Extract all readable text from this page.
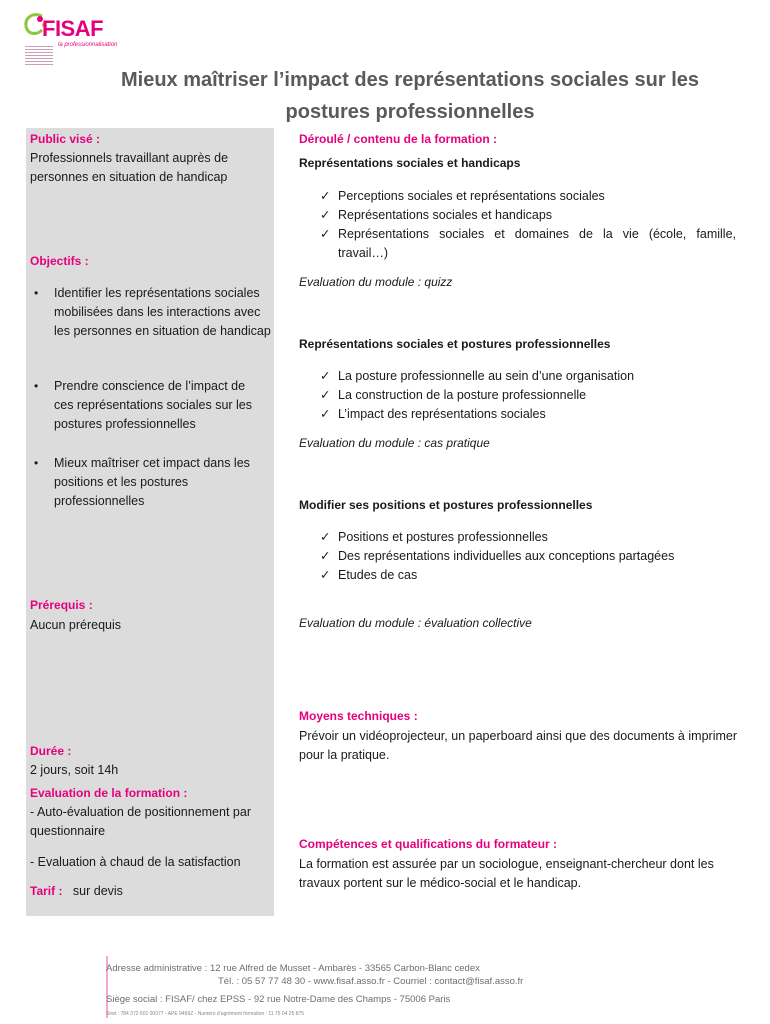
FISAF
la professionnalisation
Mieux maîtriser l’impact des représentations sociales sur les postures professionnelles
Public visé :
Professionnels travaillant auprès de personnes en situation de handicap
Objectifs :
• Identifier les représentations sociales mobilisées dans les interactions avec les personnes en situation de handicap
• Prendre conscience de l’impact de ces représentations sociales sur les postures professionnelles
• Mieux maîtriser cet impact dans les positions et les postures professionnelles
Prérequis :
Aucun prérequis
Durée :
2 jours, soit 14h
Evaluation de la formation :
- Auto-évaluation de positionnement par questionnaire
- Evaluation à chaud de la satisfaction
Tarif : sur devis
Déroulé / contenu de la formation :
Représentations sociales et handicaps
✓ Perceptions sociales et représentations sociales
✓ Représentations sociales et handicaps
✓ Représentations sociales et domaines de la vie (école, famille, travail…)
Evaluation du module : quizz
Représentations sociales et postures professionnelles
✓ La posture professionnelle au sein d’une organisation
✓ La construction de la posture professionnelle
✓ L’impact des représentations sociales
Evaluation du module : cas pratique
Modifier ses positions et postures professionnelles
✓ Positions et postures professionnelles
✓ Des représentations individuelles aux conceptions partagées
✓ Etudes de cas
Evaluation du module : évaluation collective
Moyens techniques :
Prévoir un vidéoprojecteur, un paperboard ainsi que des documents à imprimer pour la pratique.
Compétences et qualifications du formateur :
La formation est assurée par un sociologue, enseignant-chercheur dont les travaux portent sur le médico-social et le handicap.
Adresse administrative : 12 rue Alfred de Musset - Ambarès - 33565 Carbon-Blanc cedex
Tél. : 05 57 77 48 30 - www.fisaf.asso.fr - Courriel : contact@fisaf.asso.fr
Siège social : FISAF/ chez EPSS - 92 rue Notre-Dame des Champs - 75006 Paris
Siret : 784 372 601 00077 - APE 9499Z - Numéro d’agrément formation : 11 75 04 25 875
